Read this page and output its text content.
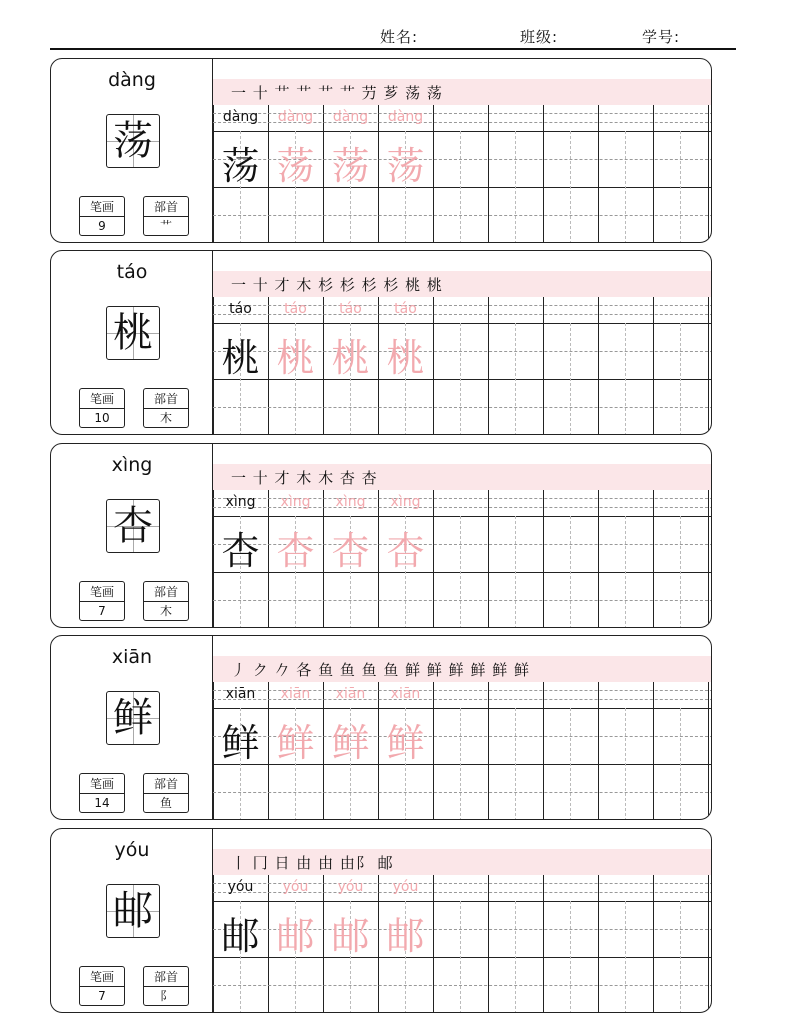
姓名:	班级:	学号:
dàng
荡
笔画
9
部首
艹
一 十 艹 艹 艹 艹 芀 芗 荡 荡
dàng
荡
dàng
荡
dàng
荡
dàng
荡
táo
桃
笔画
10
部首
木
一 十 才 木 杉 杉 杉 杉 桃 桃
táo
桃
táo
桃
táo
桃
táo
桃
xìng
杏
笔画
7
部首
木
一 十 才 木 木 杏 杏
xìng
杏
xìng
杏
xìng
杏
xìng
杏
xiān
鲜
笔画
14
部首
鱼
丿 ク 𠂊 各 鱼 鱼 鱼 鱼 鲜 鲜 鲜 鲜 鲜 鲜
xiān
鲜
xiān
鲜
xiān
鲜
xiān
鲜
yóu
邮
笔画
7
部首
阝
丨 冂 日 由 由 由阝 邮
yóu
邮
yóu
邮
yóu
邮
yóu
邮
